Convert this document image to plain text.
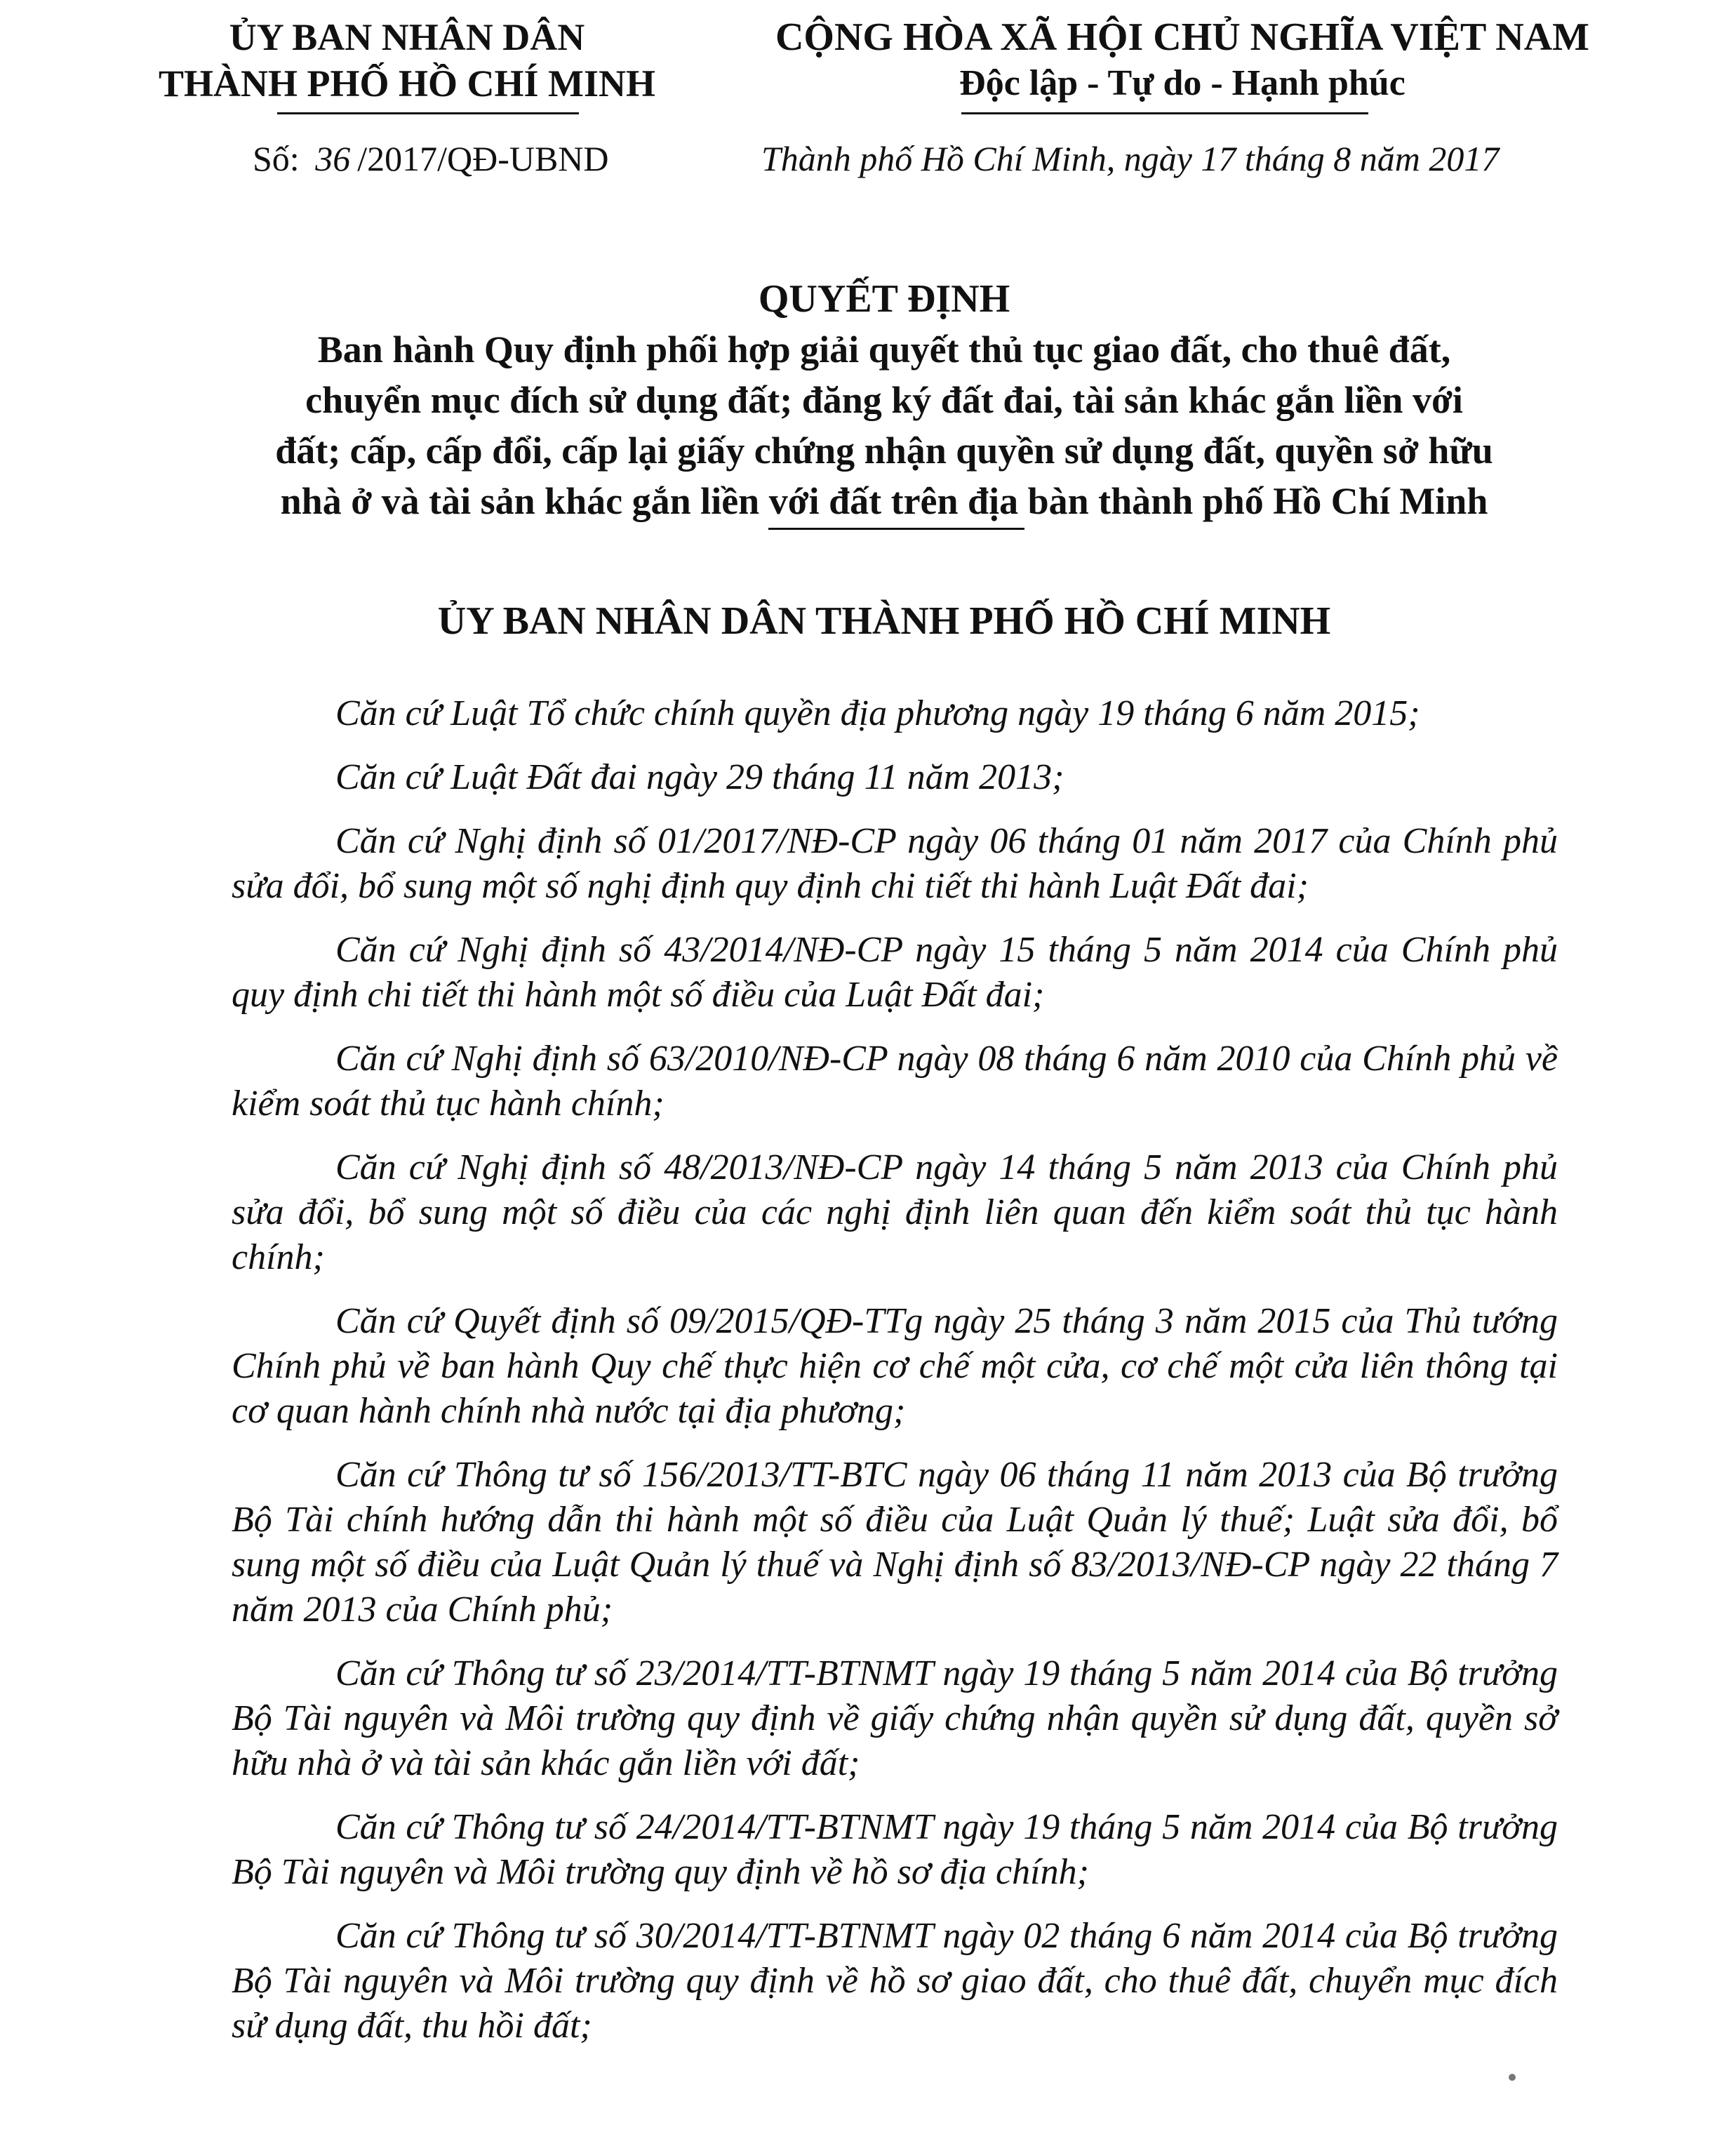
ỦY BAN NHÂN DÂN
THÀNH PHỐ HỒ CHÍ MINH
CỘNG HÒA XÃ HỘI CHỦ NGHĨA VIỆT NAM
Độc lập - Tự do - Hạnh phúc
Số: 36 /2017/QĐ-UBND	Thành phố Hồ Chí Minh, ngày 17 tháng 8 năm 2017
QUYẾT ĐỊNH
Ban hành Quy định phối hợp giải quyết thủ tục giao đất, cho thuê đất,
chuyển mục đích sử dụng đất; đăng ký đất đai, tài sản khác gắn liền với
đất; cấp, cấp đổi, cấp lại giấy chứng nhận quyền sử dụng đất, quyền sở hữu
nhà ở và tài sản khác gắn liền với đất trên địa bàn thành phố Hồ Chí Minh
ỦY BAN NHÂN DÂN THÀNH PHỐ HỒ CHÍ MINH

Căn cứ Luật Tổ chức chính quyền địa phương ngày 19 tháng 6 năm 2015;

Căn cứ Luật Đất đai ngày 29 tháng 11 năm 2013;

Căn cứ Nghị định số 01/2017/NĐ-CP ngày 06 tháng 01 năm 2017 của Chính phủ sửa đổi, bổ sung một số nghị định quy định chi tiết thi hành Luật Đất đai;

Căn cứ Nghị định số 43/2014/NĐ-CP ngày 15 tháng 5 năm 2014 của Chính phủ quy định chi tiết thi hành một số điều của Luật Đất đai;

Căn cứ Nghị định số 63/2010/NĐ-CP ngày 08 tháng 6 năm 2010 của Chính phủ về kiểm soát thủ tục hành chính;

Căn cứ Nghị định số 48/2013/NĐ-CP ngày 14 tháng 5 năm 2013 của Chính phủ sửa đổi, bổ sung một số điều của các nghị định liên quan đến kiểm soát thủ tục hành chính;

Căn cứ Quyết định số 09/2015/QĐ-TTg ngày 25 tháng 3 năm 2015 của Thủ tướng Chính phủ về ban hành Quy chế thực hiện cơ chế một cửa, cơ chế một cửa liên thông tại cơ quan hành chính nhà nước tại địa phương;

Căn cứ Thông tư số 156/2013/TT-BTC ngày 06 tháng 11 năm 2013 của Bộ trưởng Bộ Tài chính hướng dẫn thi hành một số điều của Luật Quản lý thuế; Luật sửa đổi, bổ sung một số điều của Luật Quản lý thuế và Nghị định số 83/2013/NĐ-CP ngày 22 tháng 7 năm 2013 của Chính phủ;

Căn cứ Thông tư số 23/2014/TT-BTNMT ngày 19 tháng 5 năm 2014 của Bộ trưởng Bộ Tài nguyên và Môi trường quy định về giấy chứng nhận quyền sử dụng đất, quyền sở hữu nhà ở và tài sản khác gắn liền với đất;

Căn cứ Thông tư số 24/2014/TT-BTNMT ngày 19 tháng 5 năm 2014 của Bộ trưởng Bộ Tài nguyên và Môi trường quy định về hồ sơ địa chính;

Căn cứ Thông tư số 30/2014/TT-BTNMT ngày 02 tháng 6 năm 2014 của Bộ trưởng Bộ Tài nguyên và Môi trường quy định về hồ sơ giao đất, cho thuê đất, chuyển mục đích sử dụng đất, thu hồi đất;
